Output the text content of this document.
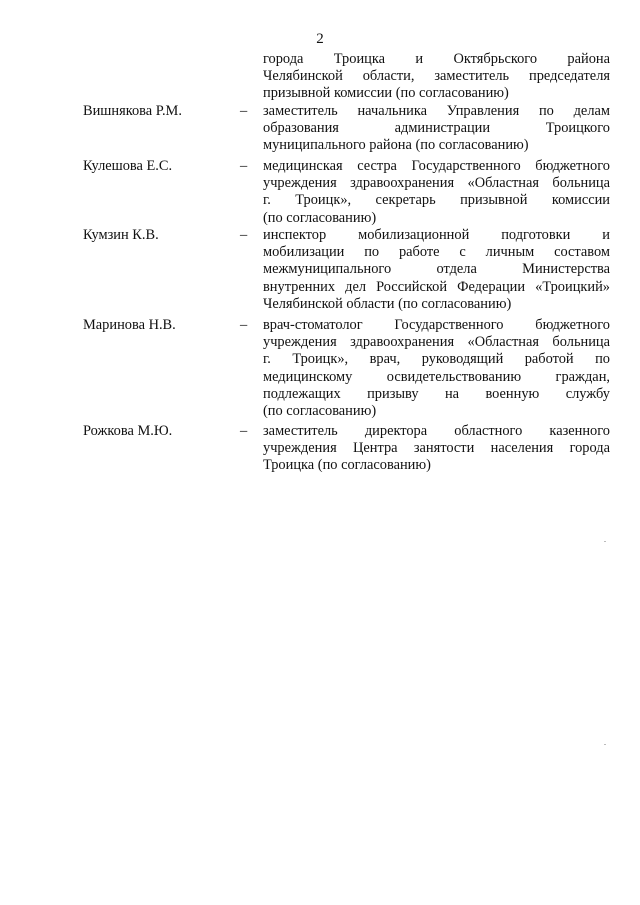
2
города Троицка и Октябрьского района
Челябинской области, заместитель председателя
призывной комиссии (по согласованию)
Вишнякова Р.М.	–	заместитель начальника Управления по делам
образования администрации Троицкого
муниципального района (по согласованию)
Кулешова Е.С.	–	медицинская сестра Государственного бюджетного
учреждения здравоохранения «Областная больница
г. Троицк», секретарь призывной комиссии
(по согласованию)
Кумзин К.В.	–	инспектор мобилизационной подготовки и
мобилизации по работе с личным составом
межмуниципального отдела Министерства
внутренних дел Российской Федерации «Троицкий»
Челябинской области (по согласованию)
Маринова Н.В.	–	врач-стоматолог Государственного бюджетного
учреждения здравоохранения «Областная больница
г. Троицк», врач, руководящий работой по
медицинскому освидетельствованию граждан,
подлежащих призыву на военную службу
(по согласованию)
Рожкова М.Ю.	–	заместитель директора областного казенного
учреждения Центра занятости населения города
Троицка (по согласованию)
